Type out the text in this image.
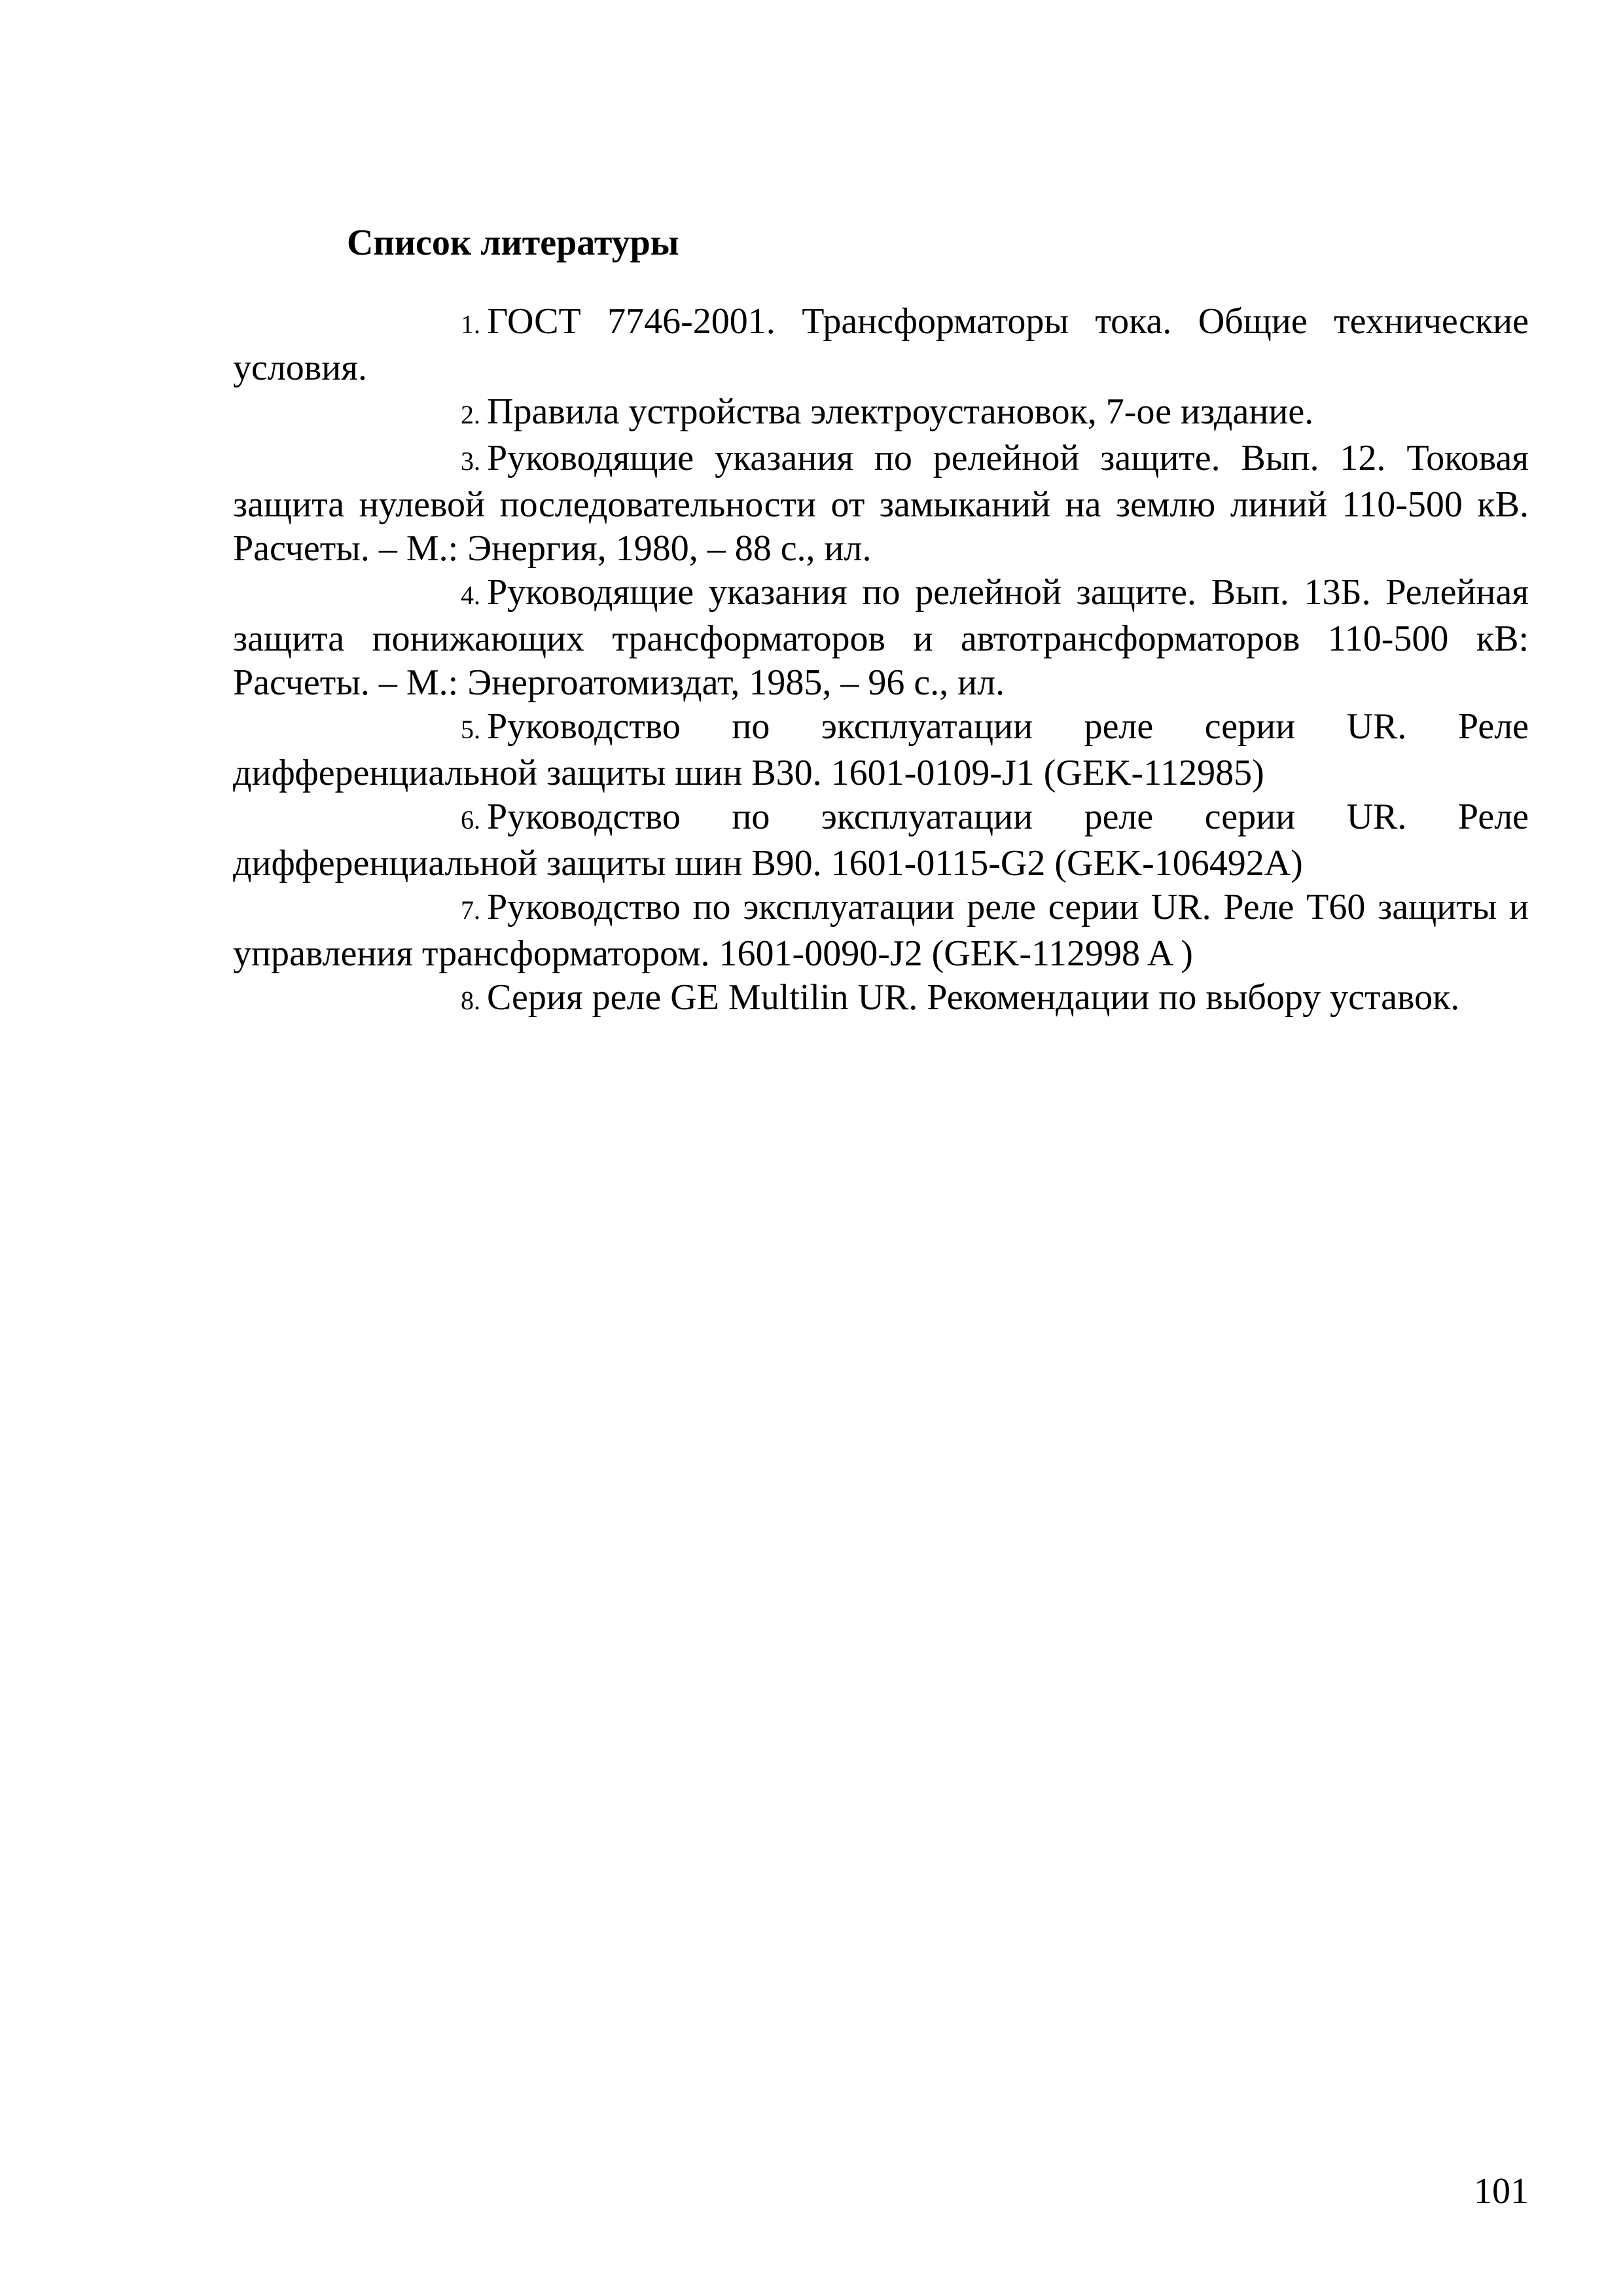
Список литературы
1. ГОСТ 7746-2001. Трансформаторы тока. Общие технические условия.
2. Правила устройства электроустановок, 7-ое издание.
3. Руководящие указания по релейной защите. Вып. 12. Токовая защита нулевой последовательности от замыканий на землю линий 110-500 кВ. Расчеты. – М.: Энергия, 1980, – 88 с., ил.
4. Руководящие указания по релейной защите. Вып. 13Б. Релейная защита понижающих трансформаторов и автотрансформаторов 110-500 кВ: Расчеты. – М.: Энергоатомиздат, 1985, – 96 с., ил.
5. Руководство по эксплуатации реле серии UR. Реле дифференциальной защиты шин B30. 1601-0109-J1 (GEK-112985)
6. Руководство по эксплуатации реле серии UR. Реле дифференциальной защиты шин B90. 1601-0115-G2 (GEK-106492A)
7. Руководство по эксплуатации реле серии UR. Реле Т60 защиты и управления трансформатором. 1601-0090-J2 (GEK-112998 A )
8. Серия реле GE Multilin UR. Рекомендации по выбору уставок.
101
